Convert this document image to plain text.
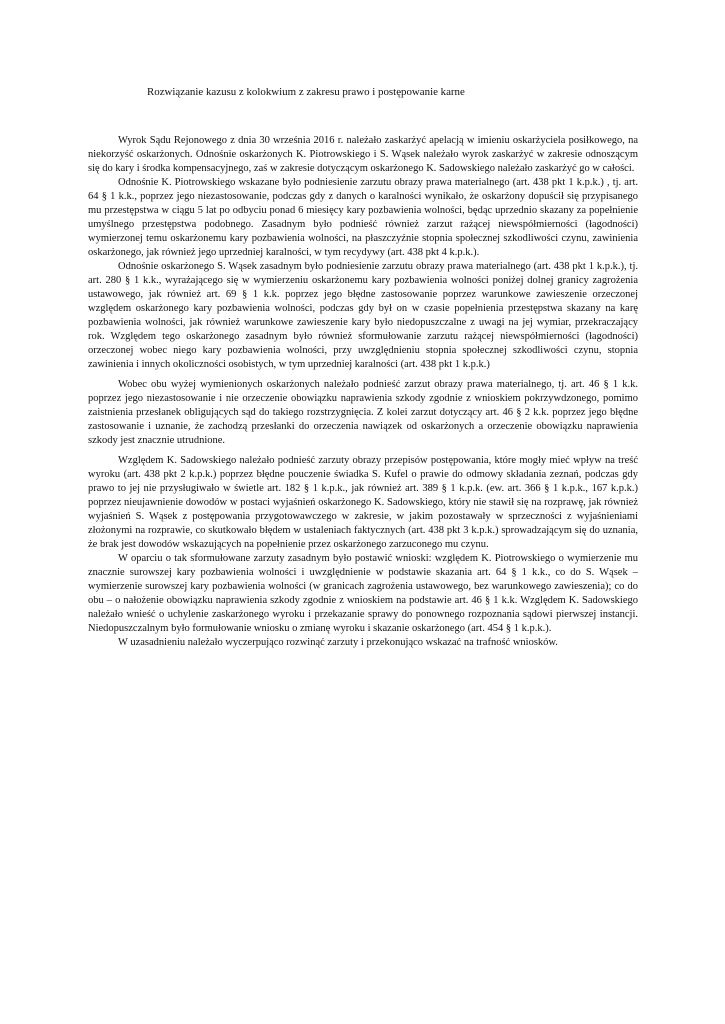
Rozwiązanie kazusu z kolokwium z zakresu prawo i postępowanie karne

Wyrok Sądu Rejonowego z dnia 30 września 2016 r. należało zaskarżyć apelacją w imieniu oskarżyciela posiłkowego, na niekorzyść oskarżonych. Odnośnie oskarżonych K. Piotrowskiego i S. Wąsek należało wyrok zaskarżyć w zakresie odnoszącym się do kary i środka kompensacyjnego, zaś w zakresie dotyczącym oskarżonego K. Sadowskiego należało zaskarżyć go w całości.

Odnośnie K. Piotrowskiego wskazane było podniesienie zarzutu obrazy prawa materialnego (art. 438 pkt 1 k.p.k.) , tj. art. 64 § 1 k.k., poprzez jego niezastosowanie, podczas gdy z danych o karalności wynikało, że oskarżony dopuścił się przypisanego mu przestępstwa w ciągu 5 lat po odbyciu ponad 6 miesięcy kary pozbawienia wolności, będąc uprzednio skazany za popełnienie umyślnego przestępstwa podobnego. Zasadnym było podnieść również zarzut rażącej niewspółmierności (łagodności) wymierzonej temu oskarżonemu kary pozbawienia wolności, na płaszczyźnie stopnia społecznej szkodliwości czynu, zawinienia oskarżonego, jak również jego uprzedniej karalności, w tym recydywy (art. 438 pkt 4 k.p.k.).

Odnośnie oskarżonego S. Wąsek zasadnym było podniesienie zarzutu obrazy prawa materialnego (art. 438 pkt 1 k.p.k.), tj. art. 280 § 1 k.k., wyrażającego się w wymierzeniu oskarżonemu kary pozbawienia wolności poniżej dolnej granicy zagrożenia ustawowego, jak również art. 69 § 1 k.k. poprzez jego błędne zastosowanie poprzez warunkowe zawieszenie orzeczonej względem oskarżonego kary pozbawienia wolności, podczas gdy był on w czasie popełnienia przestępstwa skazany na karę pozbawienia wolności, jak również warunkowe zawieszenie kary było niedopuszczalne z uwagi na jej wymiar, przekraczający rok. Względem tego oskarżonego zasadnym było również sformułowanie zarzutu rażącej niewspółmierności (łagodności) orzeczonej wobec niego kary pozbawienia wolności, przy uwzględnieniu stopnia społecznej szkodliwości czynu, stopnia zawinienia i innych okoliczności osobistych, w tym uprzedniej karalności (art. 438 pkt 1 k.p.k.)

Wobec obu wyżej wymienionych oskarżonych należało podnieść zarzut obrazy prawa materialnego, tj. art. 46 § 1 k.k. poprzez jego niezastosowanie i nie orzeczenie obowiązku naprawienia szkody zgodnie z wnioskiem pokrzywdzonego, pomimo zaistnienia przesłanek obligujących sąd do takiego rozstrzygnięcia. Z kolei zarzut dotyczący art. 46 § 2 k.k. poprzez jego błędne zastosowanie i uznanie, że zachodzą przesłanki do orzeczenia nawiązek od oskarżonych a orzeczenie obowiązku naprawienia szkody jest znacznie utrudnione.

Względem K. Sadowskiego należało podnieść zarzuty obrazy przepisów postępowania, które mogły mieć wpływ na treść wyroku (art. 438 pkt 2 k.p.k.) poprzez błędne pouczenie świadka S. Kufel o prawie do odmowy składania zeznań, podczas gdy prawo to jej nie przysługiwało w świetle art. 182 § 1 k.p.k., jak również art. 389 § 1 k.p.k. (ew. art. 366 § 1 k.p.k., 167 k.p.k.) poprzez nieujawnienie dowodów w postaci wyjaśnień oskarżonego K. Sadowskiego, który nie stawił się na rozprawę, jak również wyjaśnień S. Wąsek z postępowania przygotowawczego w zakresie, w jakim pozostawały w sprzeczności z wyjaśnieniami złożonymi na rozprawie, co skutkowało błędem w ustaleniach faktycznych (art. 438 pkt 3 k.p.k.) sprowadzającym się do uznania, że brak jest dowodów wskazujących na popełnienie przez oskarżonego zarzuconego mu czynu.

W oparciu o tak sformułowane zarzuty zasadnym było postawić wnioski: względem K. Piotrowskiego o wymierzenie mu znacznie surowszej kary pozbawienia wolności i uwzględnienie w podstawie skazania art. 64 § 1 k.k., co do S. Wąsek – wymierzenie surowszej kary pozbawienia wolności (w granicach zagrożenia ustawowego, bez warunkowego zawieszenia); co do obu – o nałożenie obowiązku naprawienia szkody zgodnie z wnioskiem na podstawie art. 46 § 1 k.k. Względem K. Sadowskiego należało wnieść o uchylenie zaskarżonego wyroku i przekazanie sprawy do ponownego rozpoznania sądowi pierwszej instancji. Niedopuszczalnym było formułowanie wniosku o zmianę wyroku i skazanie oskarżonego (art. 454 § 1 k.p.k.).

W uzasadnieniu należało wyczerpująco rozwinąć zarzuty i przekonująco wskazać na trafność wniosków.
